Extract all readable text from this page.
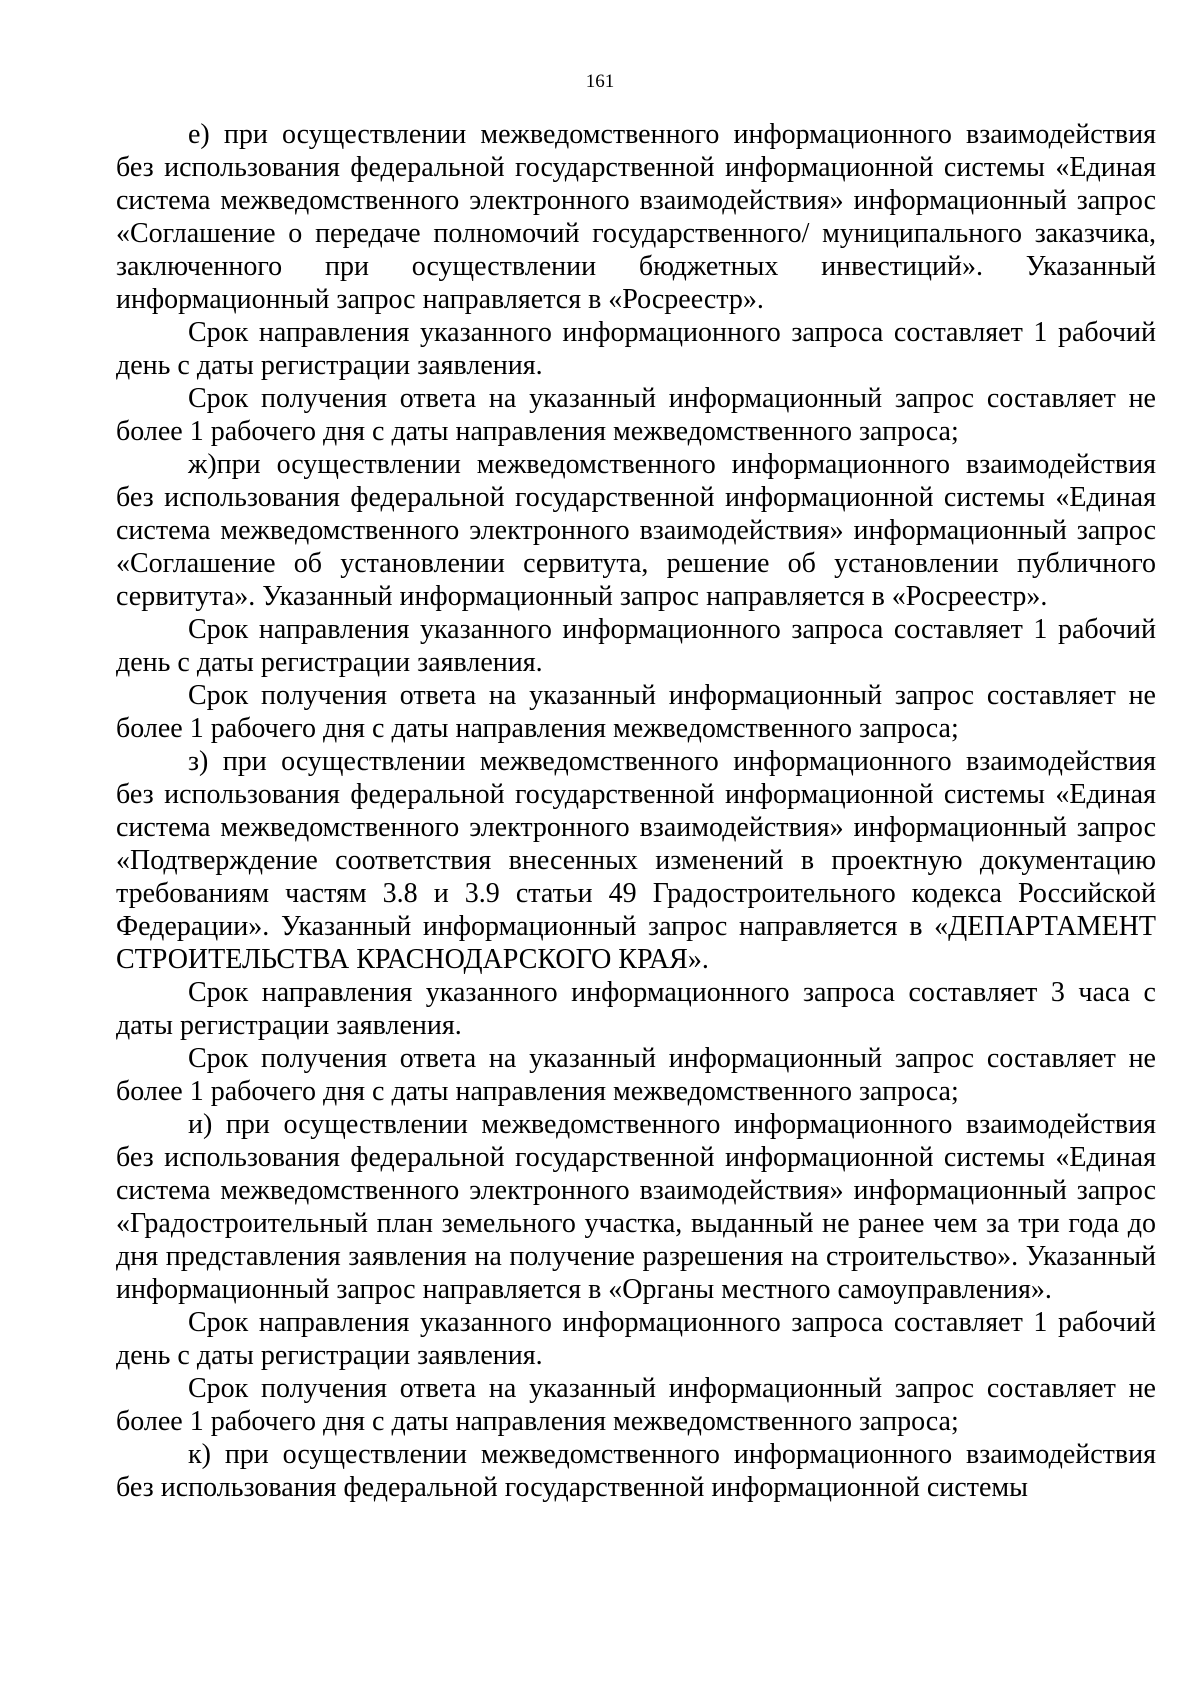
161

е) при осуществлении межведомственного информационного взаимодействия без использования федеральной государственной информационной системы «Единая система межведомственного электронного взаимодействия» информационный запрос «Соглашение о передаче полномочий государственного/ муниципального заказчика, заключенного при осуществлении бюджетных инвестиций». Указанный информационный запрос направляется в «Росреестр».

Срок направления указанного информационного запроса составляет 1 рабочий день с даты регистрации заявления.

Срок получения ответа на указанный информационный запрос составляет не более 1 рабочего дня с даты направления межведомственного запроса;

ж)при осуществлении межведомственного информационного взаимодействия без использования федеральной государственной информационной системы «Единая система межведомственного электронного взаимодействия» информационный запрос «Соглашение об установлении сервитута, решение об установлении публичного сервитута». Указанный информационный запрос направляется в «Росреестр».

Срок направления указанного информационного запроса составляет 1 рабочий день с даты регистрации заявления.

Срок получения ответа на указанный информационный запрос составляет не более 1 рабочего дня с даты направления межведомственного запроса;

з) при осуществлении межведомственного информационного взаимодействия без использования федеральной государственной информационной системы «Единая система межведомственного электронного взаимодействия» информационный запрос «Подтверждение соответствия внесенных изменений в проектную документацию требованиям частям 3.8 и 3.9 статьи 49 Градостроительного кодекса Российской Федерации». Указанный информационный запрос направляется в «ДЕПАРТАМЕНТ СТРОИТЕЛЬСТВА КРАСНОДАРСКОГО КРАЯ».

Срок направления указанного информационного запроса составляет 3 часа с даты регистрации заявления.

Срок получения ответа на указанный информационный запрос составляет не более 1 рабочего дня с даты направления межведомственного запроса;

и) при осуществлении межведомственного информационного взаимодействия без использования федеральной государственной информационной системы «Единая система межведомственного электронного взаимодействия» информационный запрос «Градостроительный план земельного участка, выданный не ранее чем за три года до дня представления заявления на получение разрешения на строительство». Указанный информационный запрос направляется в «Органы местного самоуправления».

Срок направления указанного информационного запроса составляет 1 рабочий день с даты регистрации заявления.

Срок получения ответа на указанный информационный запрос составляет не более 1 рабочего дня с даты направления межведомственного запроса;

к) при осуществлении межведомственного информационного взаимодействия без использования федеральной государственной информационной системы
